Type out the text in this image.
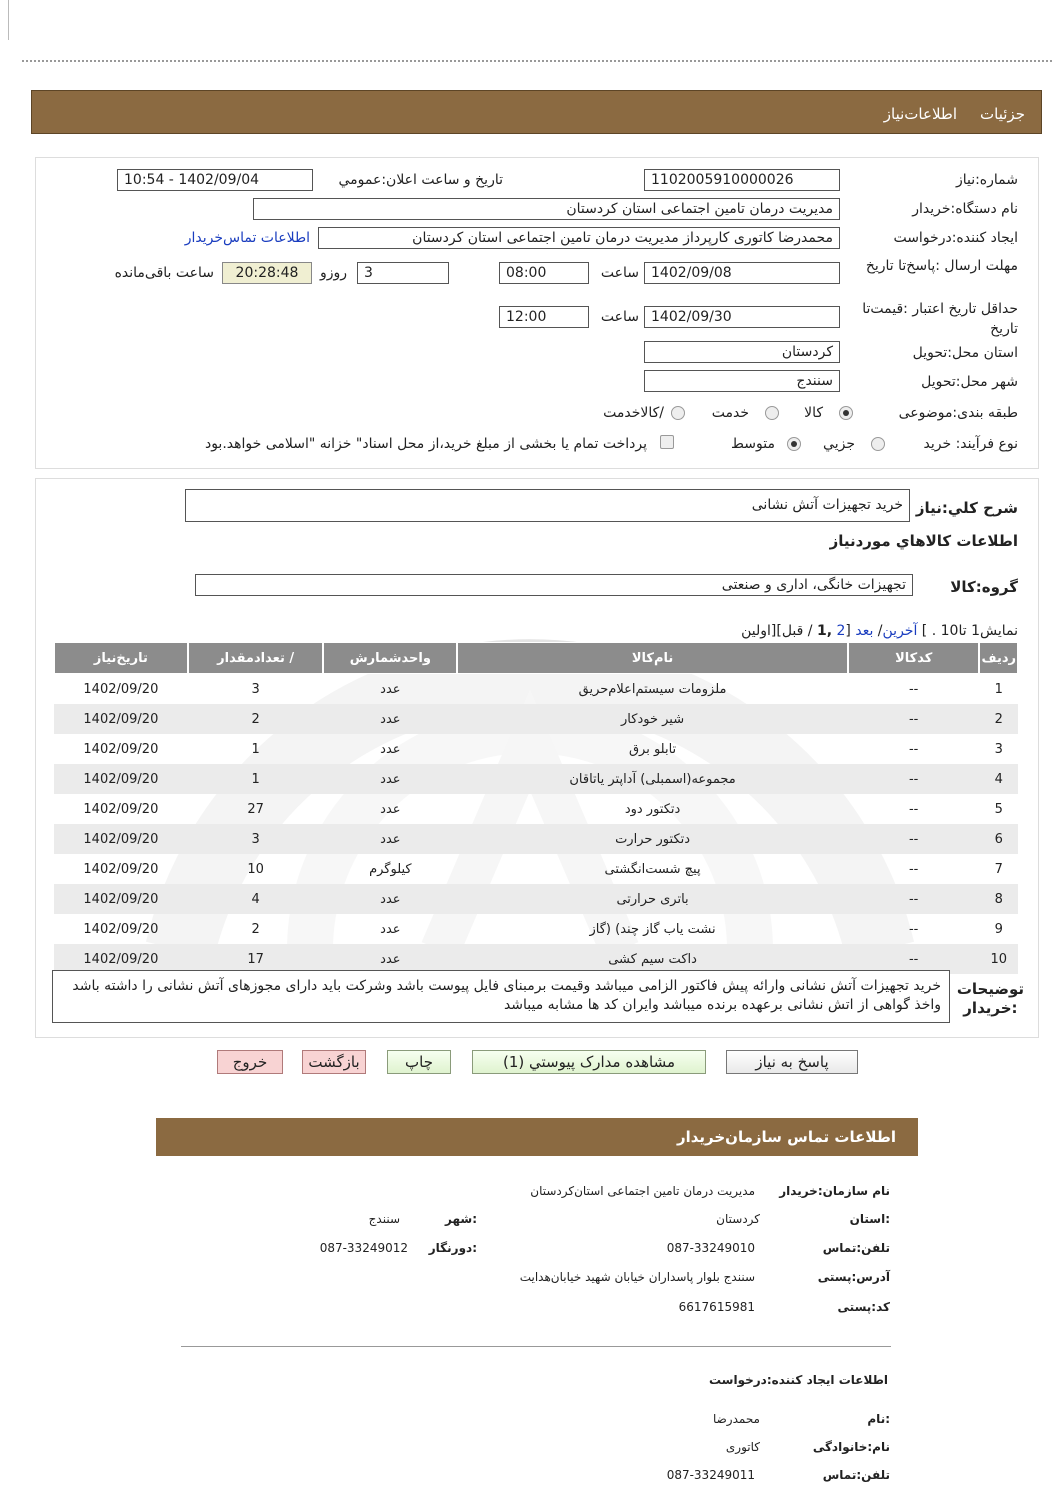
جزئیات
اطلاعات‌نیاز
شماره:نیاز
1102005910000026
تاریخ و ساعت اعلان:عمومي
1402/09/04 - 10:54
نام دستگاه:خریدار
مدیریت درمان تامین اجتماعی استان کردستان
ایجاد کننده:درخواست
محمدرضا کاتوری کارپرداز مدیریت درمان تامین اجتماعی استان کردستان
اطلاعات تماس‌خریدار
مهلت ارسال :پاسخ‌تا تاریخ
1402/09/08
ساعت
08:00
3
روزو
20:28:48
ساعت باقی‌مانده
حداقل تاریخ اعتبار :قیمت‌تا تاریخ
1402/09/30
ساعت
12:00
استان محل:تحویل
کردستان
شهر محل:تحویل
سنندج
طبقه بندی:موضوعی
کالا
خدمت
/کالاخدمت
نوع فرآیند: خرید
جزیي
متوسط
پرداخت تمام یا بخشی از مبلغ خرید،از محل اسناد" خزانه "اسلامی خواهد.بود
شرح کلي:نیاز
خرید تجهیزات آتش نشانی
اطلاعات کالاهاي موردنیاز
گروه:کالا
تجهیزات خانگی، اداری و صنعتی
نمایش1 تا10 . ] آخرین/ بعد [2 ,1 / قبل][اولین
ردیف	کدکالا	نام‌کالا	واحدشمارش	/ تعدادمقدار	تاریخ‌نیاز
1	--	ملزومات سیستم‌اعلام‌حریق	عدد	3	1402/09/20
2	--	شیر خودکار	عدد	2	1402/09/20
3	--	تابلو برق	عدد	1	1402/09/20
4	--	مجموعه(اسمبلی) آداپتر یاتاقان	عدد	1	1402/09/20
5	--	دتکتور دود	عدد	27	1402/09/20
6	--	دتکتور حرارت	عدد	3	1402/09/20
7	--	پیچ شست‌انگشتی	کیلوگرم	10	1402/09/20
8	--	باتری حرارتی	عدد	4	1402/09/20
9	--	نشت یاب گاز چند) (گاز	عدد	2	1402/09/20
10	--	داکت سیم کشی	عدد	17	1402/09/20
توضیحات
:خریدار
خرید تجهیزات آتش نشانی وارائه پیش فاکتور الزامی میباشد وقیمت برمبنای فایل پیوست باشد وشرکت باید دارای مجوزهای آتش نشانی را داشته باشد واخذ گواهی از اتش نشانی برعهده برنده میباشد وایران کد ها مشابه میباشد
پاسخ به نیاز
مشاهده مدارک پیوستي (1)
چاپ
بازگشت
خروج
اطلاعات تماس سازمان‌خریدار
نام سازمان:خریدار
مدیریت درمان تامین اجتماعی استان‌کردستان
:استان
کردستان
:شهر
سنندج
تلفن:تماس
087-33249010
:دورنگار
087-33249012
آدرس:پستی
سنندج بلوار پاسداران خیابان شهید خیابان‌هدایت
کد:پستی
6617615981
اطلاعات ایجاد کننده:درخواست
:نام
محمدرضا
نام:خانوادگی
کاتوری
تلفن:تماس
087-33249011
